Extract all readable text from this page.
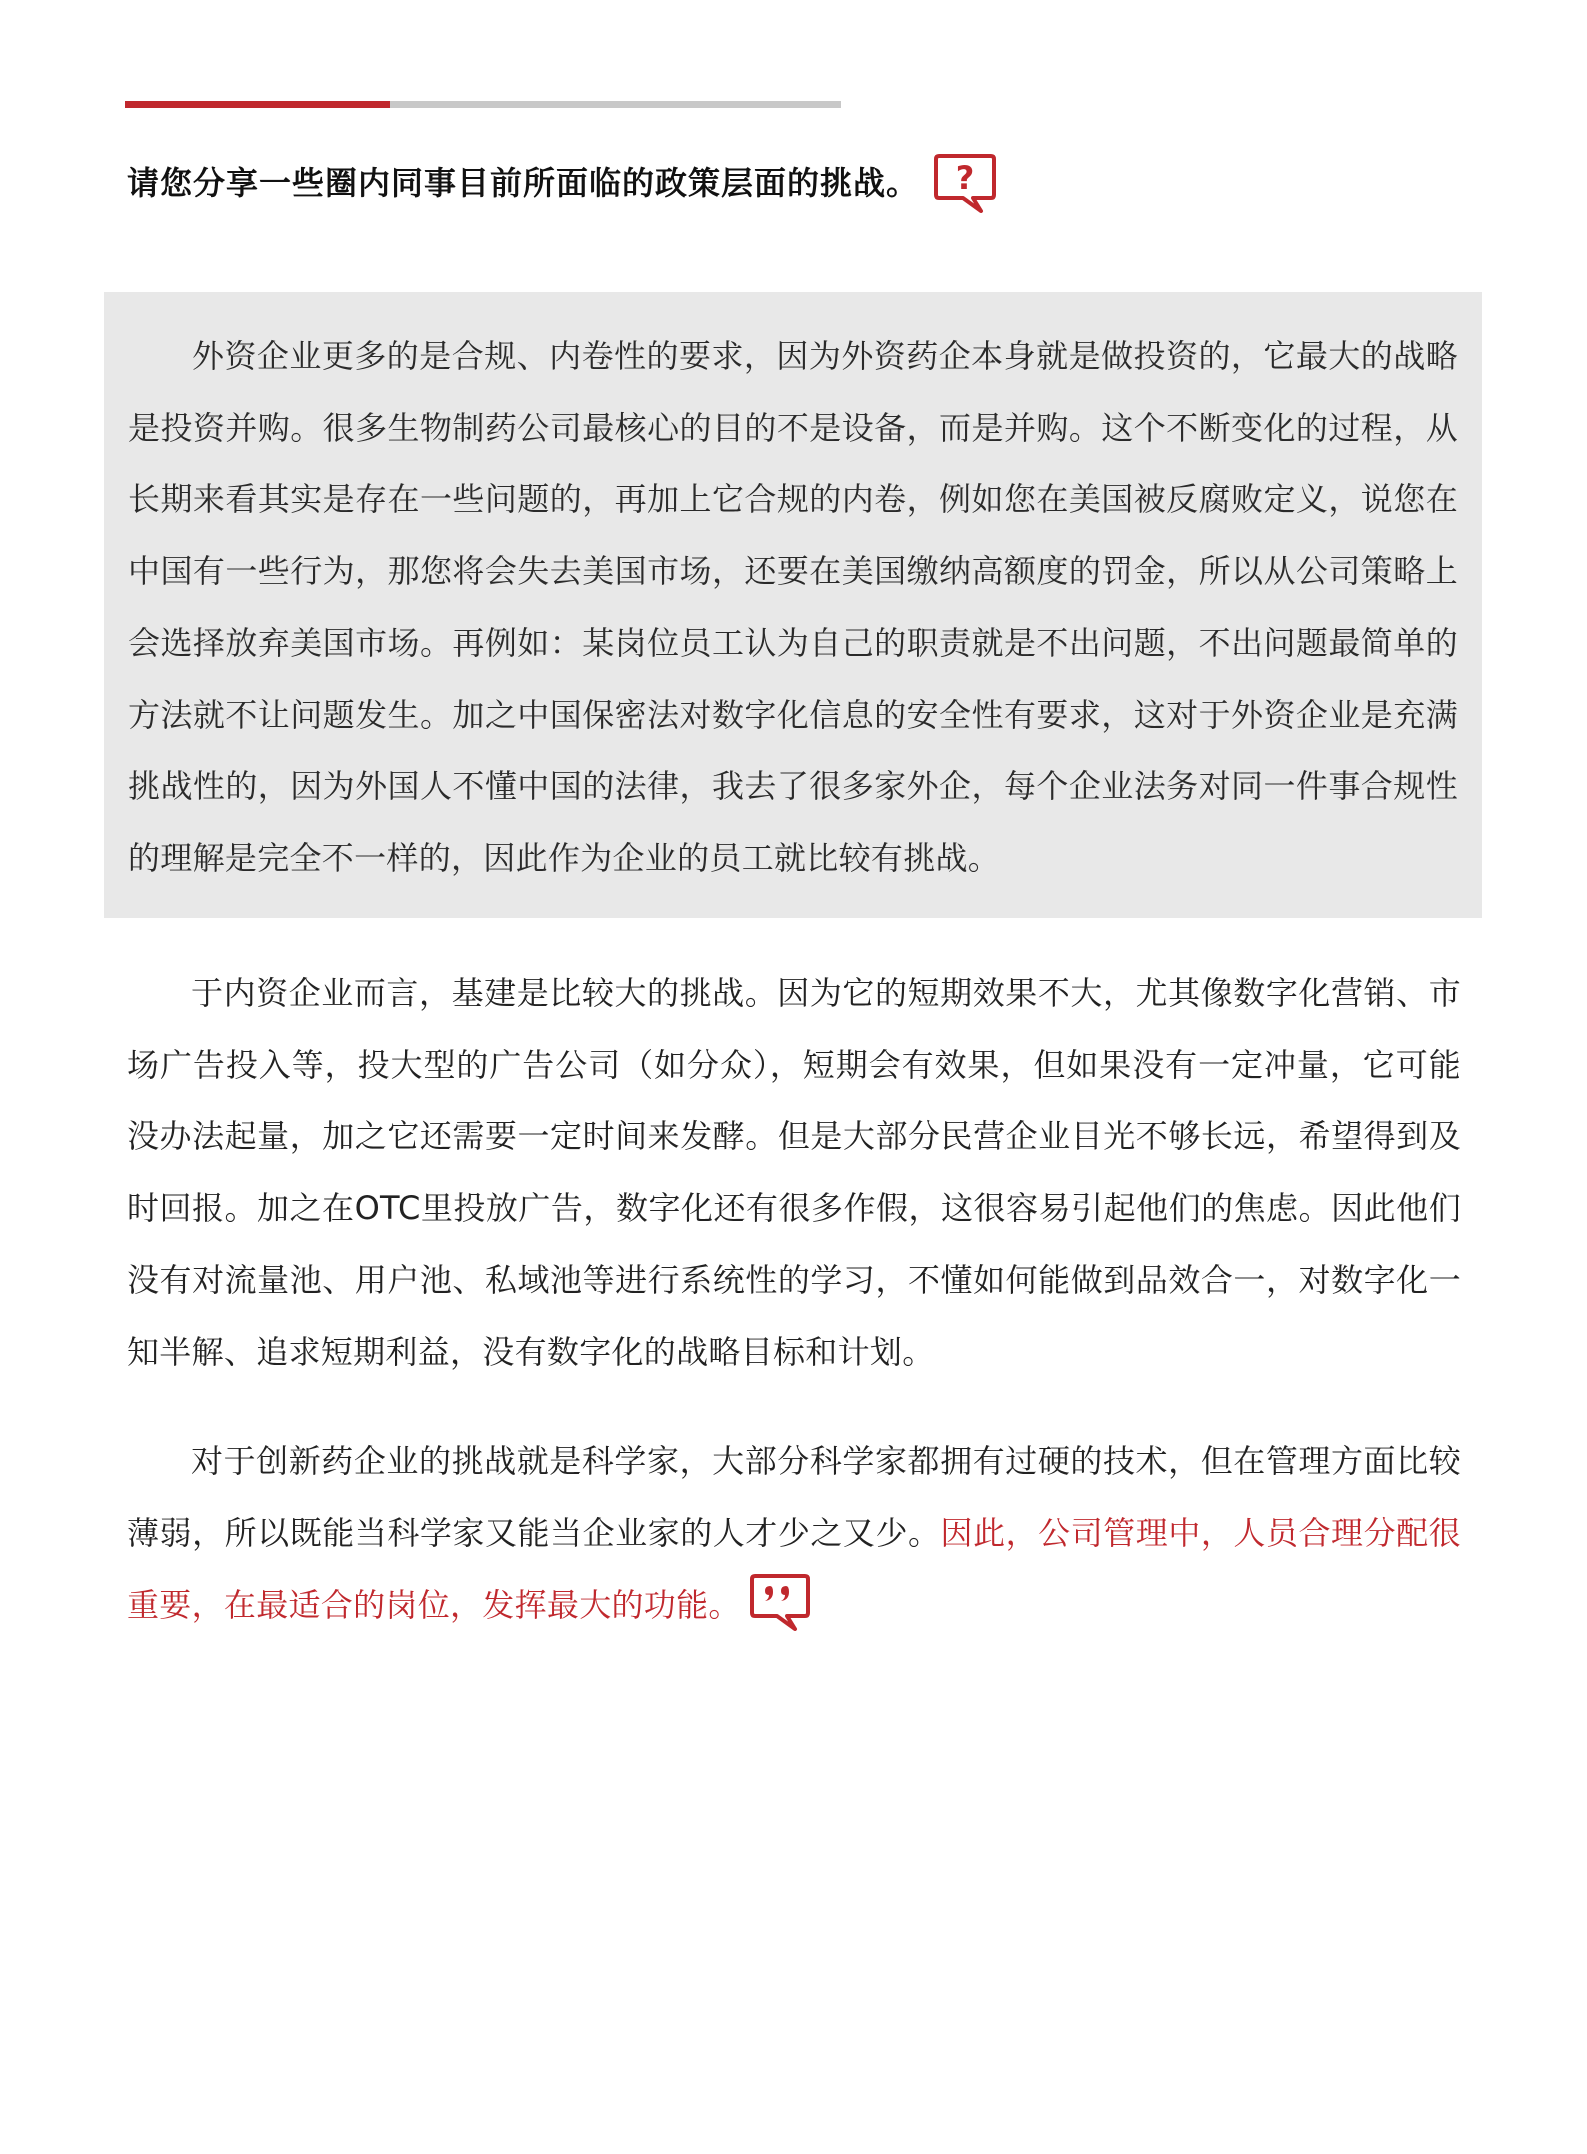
请您分享一些圈内同事目前所面临的政策层面的挑战。 ?

外资企业更多的是合规、内卷性的要求，因为外资药企本身就是做投资的，它最大的战略是投资并购。很多生物制药公司最核心的目的不是设备，而是并购。这个不断变化的过程，从长期来看其实是存在一些问题的，再加上它合规的内卷，例如您在美国被反腐败定义，说您在中国有一些行为，那您将会失去美国市场，还要在美国缴纳高额度的罚金，所以从公司策略上会选择放弃美国市场。再例如：某岗位员工认为自己的职责就是不出问题，不出问题最简单的方法就不让问题发生。加之中国保密法对数字化信息的安全性有要求，这对于外资企业是充满挑战性的，因为外国人不懂中国的法律，我去了很多家外企，每个企业法务对同一件事合规性的理解是完全不一样的，因此作为企业的员工就比较有挑战。

于内资企业而言，基建是比较大的挑战。因为它的短期效果不大，尤其像数字化营销、市场广告投入等，投大型的广告公司（如分众），短期会有效果，但如果没有一定冲量，它可能没办法起量，加之它还需要一定时间来发酵。但是大部分民营企业目光不够长远，希望得到及时回报。加之在OTC里投放广告，数字化还有很多作假，这很容易引起他们的焦虑。因此他们没有对流量池、用户池、私域池等进行系统性的学习，不懂如何能做到品效合一，对数字化一知半解、追求短期利益，没有数字化的战略目标和计划。

对于创新药企业的挑战就是科学家，大部分科学家都拥有过硬的技术，但在管理方面比较薄弱，所以既能当科学家又能当企业家的人才少之又少。因此，公司管理中，人员合理分配很重要，在最适合的岗位，发挥最大的功能。
